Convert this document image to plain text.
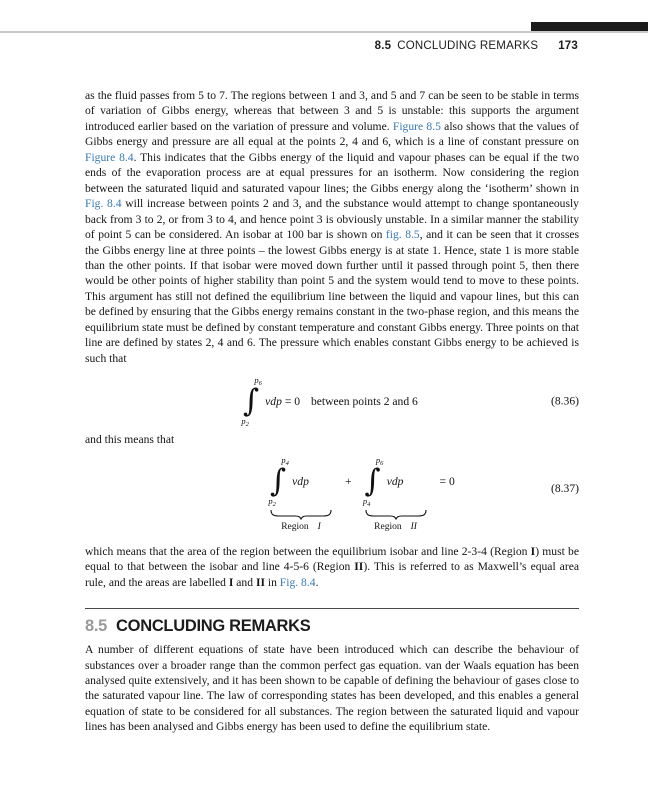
8.5 CONCLUDING REMARKS 173

as the fluid passes from 5 to 7. The regions between 1 and 3, and 5 and 7 can be seen to be stable in terms of variation of Gibbs energy, whereas that between 3 and 5 is unstable: this supports the argument introduced earlier based on the variation of pressure and volume. Figure 8.5 also shows that the values of Gibbs energy and pressure are all equal at the points 2, 4 and 6, which is a line of constant pressure on Figure 8.4. This indicates that the Gibbs energy of the liquid and vapour phases can be equal if the two ends of the evaporation process are at equal pressures for an isotherm. Now considering the region between the saturated liquid and saturated vapour lines; the Gibbs energy along the ‘isotherm’ shown in Fig. 8.4 will increase between points 2 and 3, and the substance would attempt to change spontaneously back from 3 to 2, or from 3 to 4, and hence point 3 is obviously unstable. In a similar manner the stability of point 5 can be considered. An isobar at 100 bar is shown on fig. 8.5, and it can be seen that it crosses the Gibbs energy line at three points – the lowest Gibbs energy is at state 1. Hence, state 1 is more stable than the other points. If that isobar were moved down further until it passed through point 5, then there would be other points of higher stability than point 5 and the system would tend to move to these points. This argument has still not defined the equilibrium line between the liquid and vapour lines, but this can be defined by ensuring that the Gibbs energy remains constant in the two-phase region, and this means the equilibrium state must be defined by constant temperature and constant Gibbs energy. Three points on that line are defined by states 2, 4 and 6. The pressure which enables constant Gibbs energy to be achieved is such that

$p_6$
∫
$p_2$
vdp = 0 between points 2 and 6	(8.36)

and this means that

$p_4$
∫
$p_2$
vdp	+
$p_6$
∫
$p_4$
vdp	= 0
Region I	Region II
(8.37)

which means that the area of the region between the equilibrium isobar and line 2-3-4 (Region I) must be equal to that between the isobar and line 4-5-6 (Region II). This is referred to as Maxwell’s equal area rule, and the areas are labelled I and II in Fig. 8.4.

8.5 CONCLUDING REMARKS

A number of different equations of state have been introduced which can describe the behaviour of substances over a broader range than the common perfect gas equation. van der Waals equation has been analysed quite extensively, and it has been shown to be capable of defining the behaviour of gases close to the saturated vapour line. The law of corresponding states has been developed, and this enables a general equation of state to be considered for all substances. The region between the saturated liquid and vapour lines has been analysed and Gibbs energy has been used to define the equilibrium state.
